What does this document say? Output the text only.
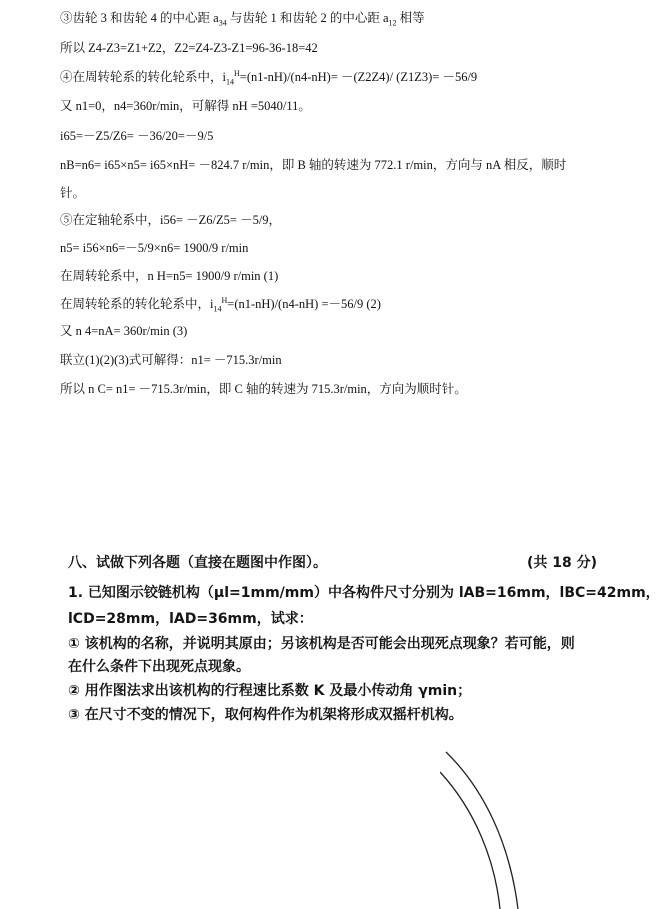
③齿轮 3 和齿轮 4 的中心距 $a_{34}$ 与齿轮 1 和齿轮 2 的中心距 $a_{12}$ 相等
所以 Z4-Z3=Z1+Z2，Z2=Z4-Z3-Z1=96-36-18=42
④在周转轮系的转化轮系中，$i_{14}^H=(n1-nH)/(n4-nH)= -(Z2Z4)/$ (Z1Z3)= －56/9
又 n1=0，n4=360r/min，可解得 nH =5040/11。
i65=－Z5/Z6= －36/20=－9/5
nB=n6= i65×n5= i65×nH= －824.7 r/min，即 B 轴的转速为 772.1 r/min，方向与 nA 相反，顺时
针。
⑤在定轴轮系中，i56= －Z6/Z5= －5/9，
n5= i56×n6=－5/9×n6= 1900/9 r/min
在周转轮系中，n H=n5= 1900/9 r/min (1)
在周转轮系的转化轮系中，$i_{14}^H=(n1-nH)/(n4-nH) =-56/9$ (2)
又 n 4=nA= 360r/min (3)
联立(1)(2)(3)式可解得：n1= －715.3r/min
所以 n C= n1= －715.3r/min，即 C 轴的转速为 715.3r/min，方向为顺时针。
八、试做下列各题（直接在题图中作图）。	(共 18 分)
1. 已知图示铰链机构（μl=1mm/mm）中各构件尺寸分别为 lAB=16mm，lBC=42mm，
lCD=28mm，lAD=36mm，试求：
① 该机构的名称，并说明其原由；另该机构是否可能会出现死点现象？若可能，则
在什么条件下出现死点现象。
② 用作图法求出该机构的行程速比系数 K 及最小传动角 γmin；
③ 在尺寸不变的情况下，取何构件作为机架将形成双摇杆机构。
